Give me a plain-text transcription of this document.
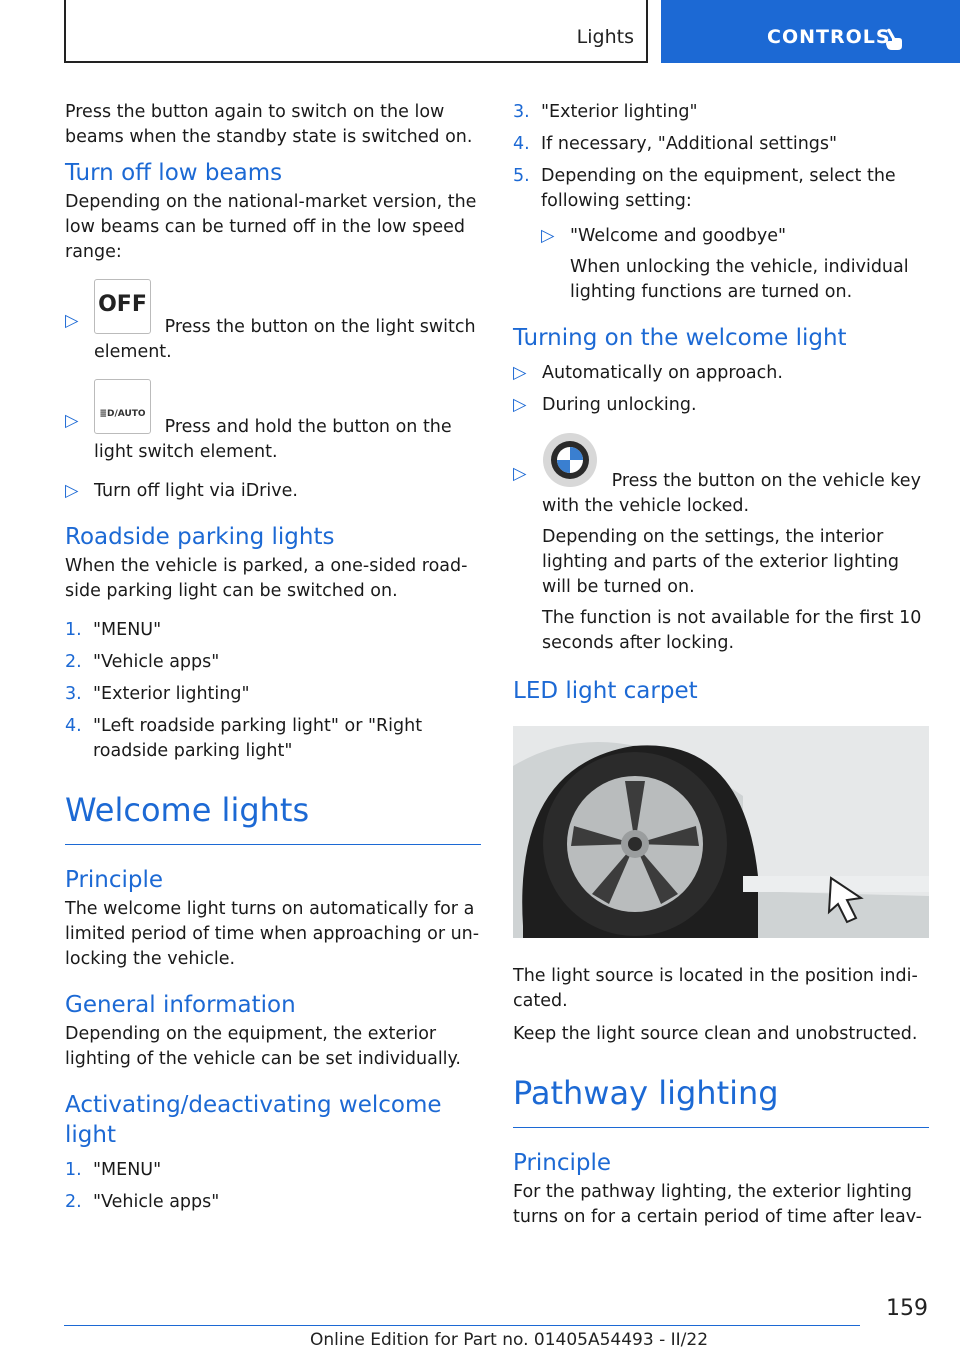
Lights	CONTROLS

Press the button again to switch on the low beams when the standby state is switched on.

Turn off low beams

Depending on the national-market version, the low beams can be turned off in the low speed range:

▷
OFF
Press the button on the light switch element.
▷	≣D/AUTO
Press and hold the button on the light switch element.
▷ Turn off light via iDrive.
Roadside parking lights

When the vehicle is parked, a one-sided road-side parking light can be switched on.

1. "MENU"
2. "Vehicle apps"
3. "Exterior lighting"
4. "Left roadside parking light" or "Right roadside parking light"
Welcome lights
Principle

The welcome light turns on automatically for a limited period of time when approaching or un-locking the vehicle.

General information

Depending on the equipment, the exterior lighting of the vehicle can be set individually.

Activating/deactivating welcome light
1. "MENU"
2. "Vehicle apps"
3. "Exterior lighting"
4. If necessary, "Additional settings"
5. Depending on the equipment, select the following setting:
▷ "Welcome and goodbye"
When unlocking the vehicle, individual lighting functions are turned on.
Turning on the welcome light
▷ Automatically on approach.
▷ During unlocking.
▷	Press the button on the vehicle key with the vehicle locked.
Depending on the settings, the interior lighting and parts of the exterior lighting will be turned on.
The function is not available for the first 10 seconds after locking.
LED light carpet

The light source is located in the position indi-cated.

Keep the light source clean and unobstructed.

Pathway lighting
Principle

For the pathway lighting, the exterior lighting turns on for a certain period of time after leav-

159
Online Edition for Part no. 01405A54493 - II/22
